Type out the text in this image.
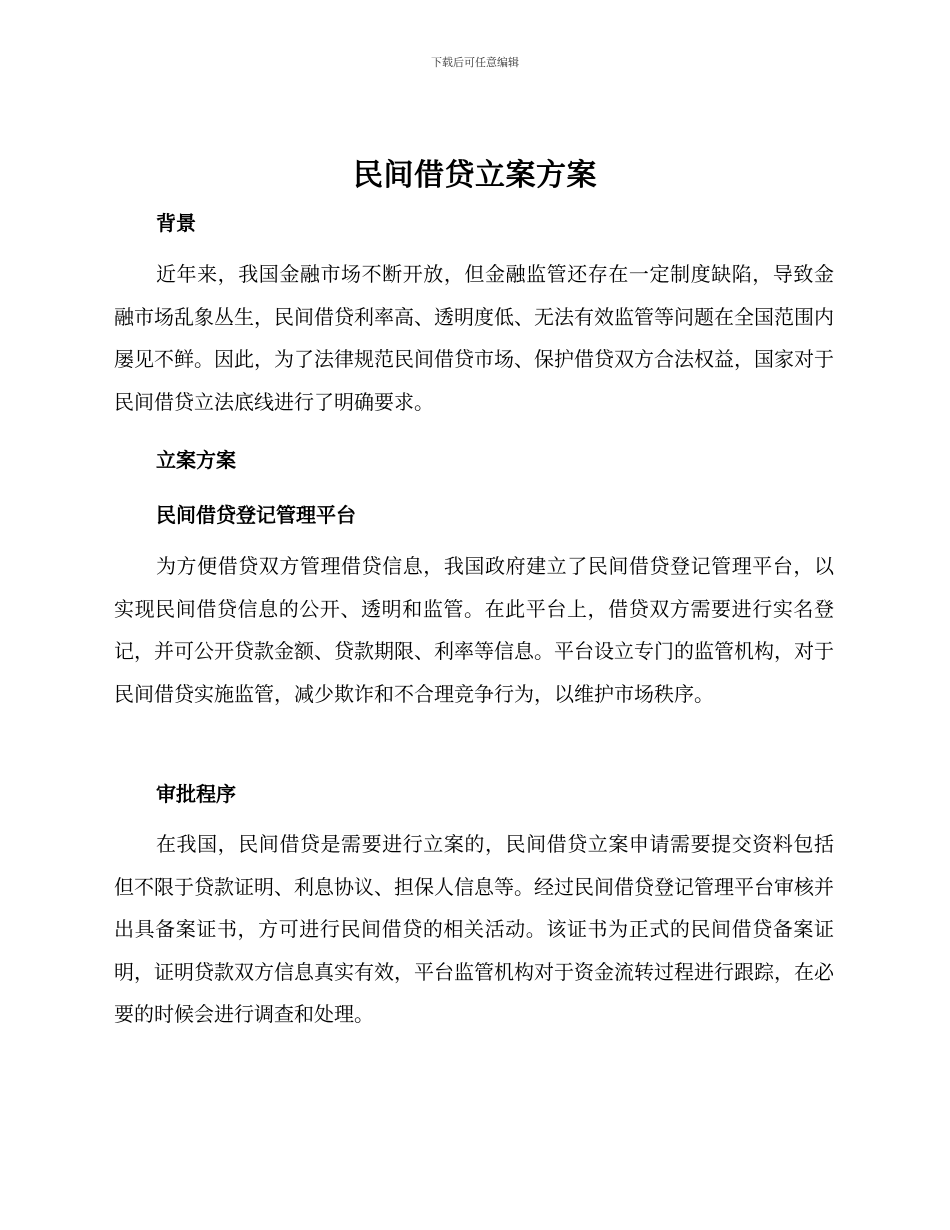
下载后可任意编辑
民间借贷立案方案
背景

近年来，我国金融市场不断开放，但金融监管还存在一定制度缺陷，导致金融市场乱象丛生，民间借贷利率高、透明度低、无法有效监管等问题在全国范围内屡见不鲜。因此，为了法律规范民间借贷市场、保护借贷双方合法权益，国家对于民间借贷立法底线进行了明确要求。

立案方案
民间借贷登记管理平台

为方便借贷双方管理借贷信息，我国政府建立了民间借贷登记管理平台，以实现民间借贷信息的公开、透明和监管。在此平台上，借贷双方需要进行实名登记，并可公开贷款金额、贷款期限、利率等信息。平台设立专门的监管机构，对于民间借贷实施监管，减少欺诈和不合理竞争行为，以维护市场秩序。

审批程序

在我国，民间借贷是需要进行立案的，民间借贷立案申请需要提交资料包括但不限于贷款证明、利息协议、担保人信息等。经过民间借贷登记管理平台审核并出具备案证书，方可进行民间借贷的相关活动。该证书为正式的民间借贷备案证明，证明贷款双方信息真实有效，平台监管机构对于资金流转过程进行跟踪，在必要的时候会进行调查和处理。
